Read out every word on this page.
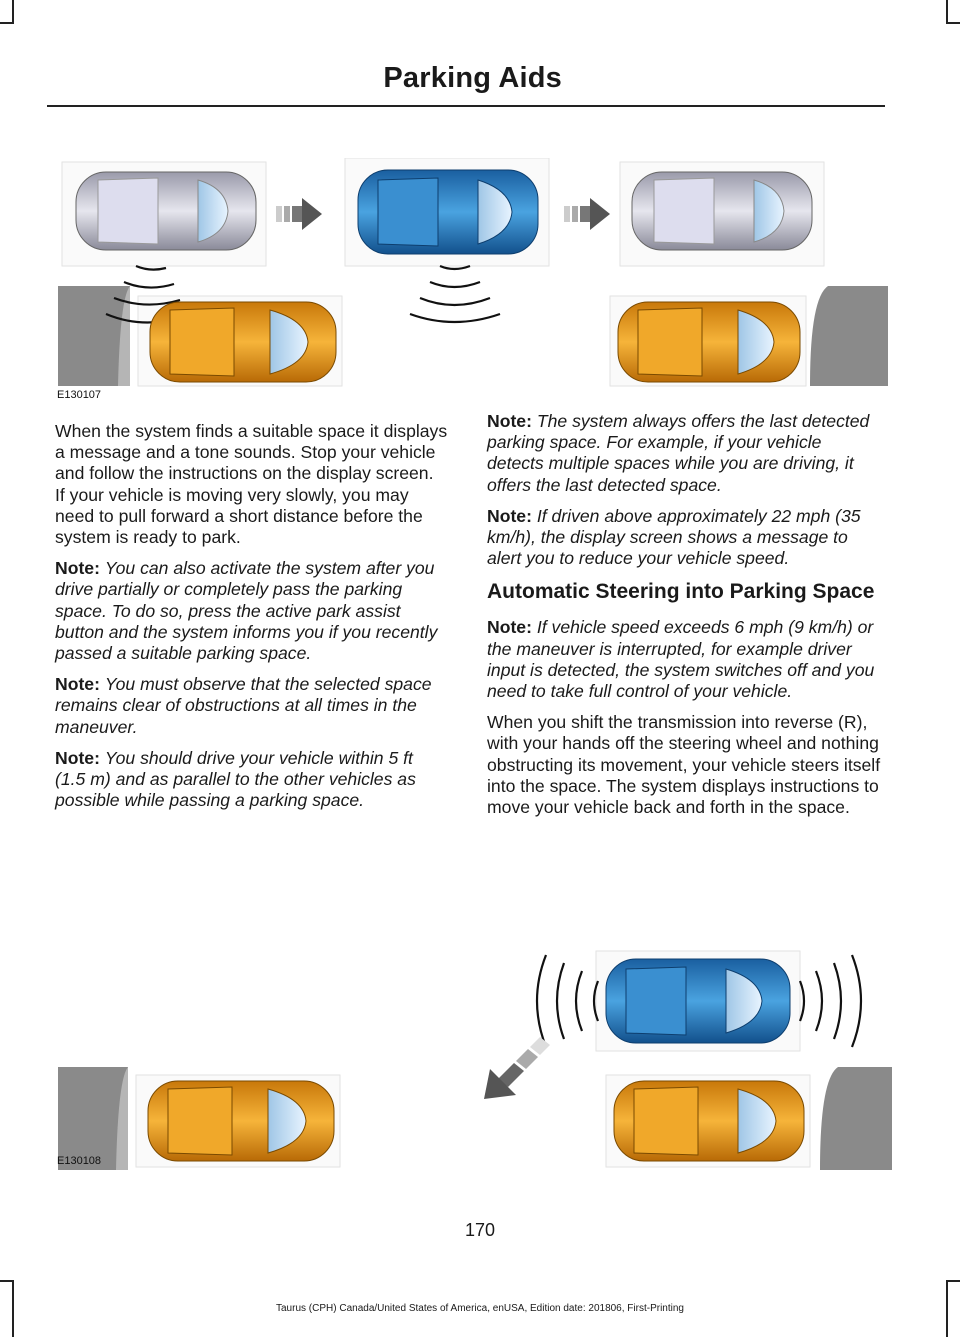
Parking Aids
E130107

When the system finds a suitable space it displays a message and a tone sounds. Stop your vehicle and follow the instructions on the display screen. If your vehicle is moving very slowly, you may need to pull forward a short distance before the system is ready to park.

Note: You can also activate the system after you drive partially or completely pass the parking space. To do so, press the active park assist button and the system informs you if you recently passed a suitable parking space.

Note: You must observe that the selected space remains clear of obstructions at all times in the maneuver.

Note: You should drive your vehicle within 5 ft (1.5 m) and as parallel to the other vehicles as possible while passing a parking space.

Note: The system always offers the last detected parking space. For example, if your vehicle detects multiple spaces while you are driving, it offers the last detected space.

Note: If driven above approximately 22 mph (35 km/h), the display screen shows a message to alert you to reduce your vehicle speed.

Automatic Steering into Parking Space

Note: If vehicle speed exceeds 6 mph (9 km/h) or the maneuver is interrupted, for example driver input is detected, the system switches off and you need to take full control of your vehicle.

When you shift the transmission into reverse (R), with your hands off the steering wheel and nothing obstructing its movement, your vehicle steers itself into the space. The system displays instructions to move your vehicle back and forth in the space.

E130108
170
Taurus (CPH) Canada/United States of America, enUSA, Edition date: 201806, First-Printing
